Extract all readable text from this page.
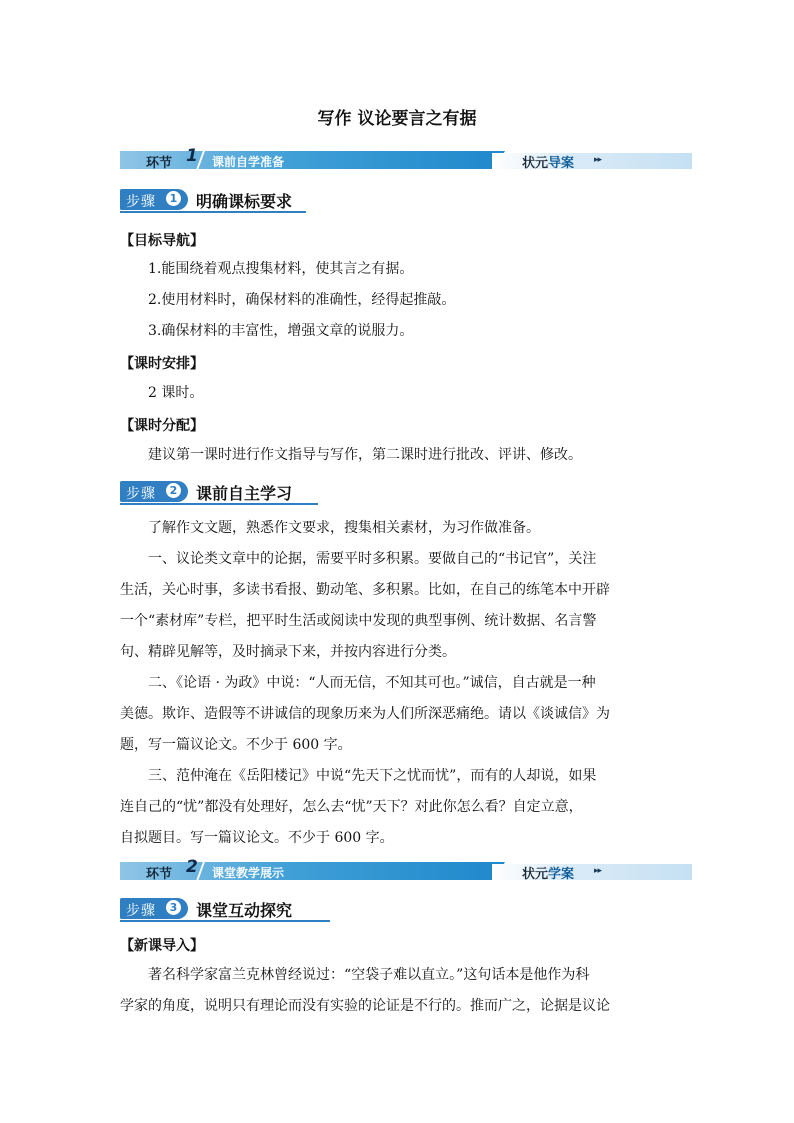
写作 议论要言之有据
环节 1 课前自学准备	状元导案 ▸▸
步骤	1 明确课标要求
【目标导航】
1.能围绕着观点搜集材料，使其言之有据。
2.使用材料时，确保材料的准确性，经得起推敲。
3.确保材料的丰富性，增强文章的说服力。
【课时安排】
2 课时。
【课时分配】
建议第一课时进行作文指导与写作，第二课时进行批改、评讲、修改。
步骤	2 课前自主学习
了解作文文题，熟悉作文要求，搜集相关素材，为习作做准备。
一、议论类文章中的论据，需要平时多积累。要做自己的“书记官”，关注
生活，关心时事，多读书看报、勤动笔、多积累。比如，在自己的练笔本中开辟
一个“素材库”专栏，把平时生活或阅读中发现的典型事例、统计数据、名言警
句、精辟见解等，及时摘录下来，并按内容进行分类。
二、《论语 · 为政》中说：“人而无信，不知其可也。”诚信，自古就是一种
美德。欺诈、造假等不讲诚信的现象历来为人们所深恶痛绝。请以《谈诚信》为
题，写一篇议论文。不少于 600 字。
三、范仲淹在《岳阳楼记》中说“先天下之忧而忧”，而有的人却说，如果
连自己的“忧”都没有处理好，怎么去“忧”天下？对此你怎么看？自定立意，
自拟题目。写一篇议论文。不少于 600 字。
环节 2 课堂教学展示	状元学案 ▸▸
步骤	3 课堂互动探究
【新课导入】
著名科学家富兰克林曾经说过：“空袋子难以直立。”这句话本是他作为科
学家的角度，说明只有理论而没有实验的论证是不行的。推而广之，论据是议论
